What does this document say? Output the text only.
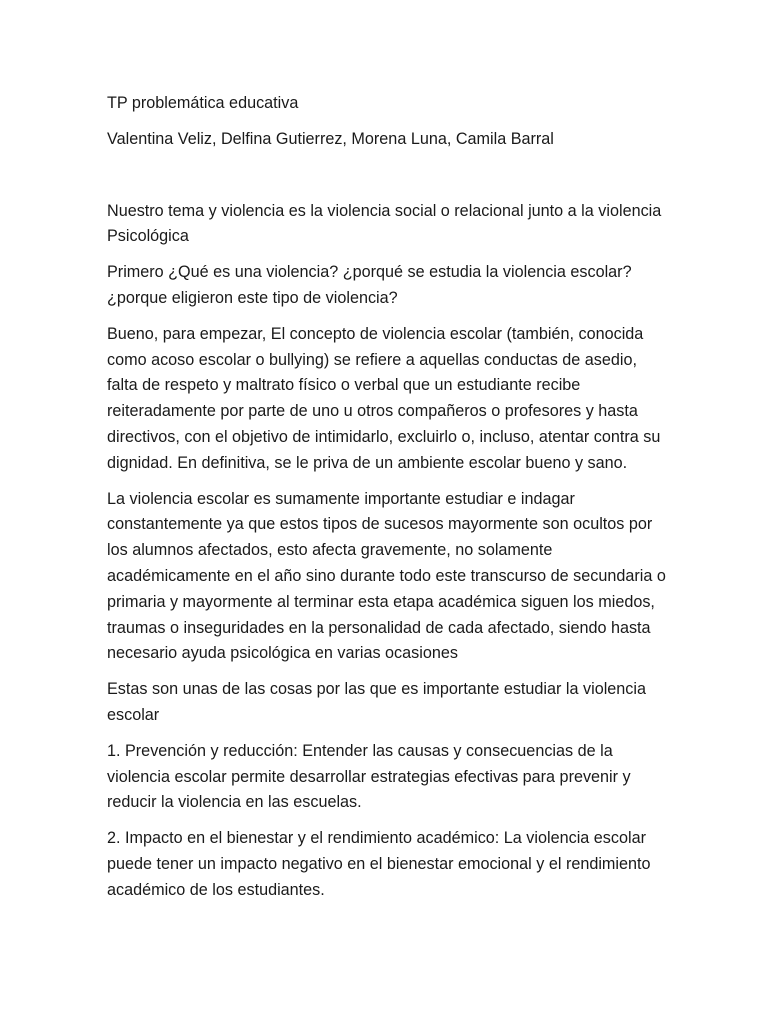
TP problemática educativa

Valentina Veliz, Delfina Gutierrez, Morena Luna, Camila Barral

Nuestro tema y violencia es la violencia social o relacional junto a la violencia Psicológica

Primero ¿Qué es una violencia? ¿porqué se estudia la violencia escolar? ¿porque eligieron este tipo de violencia?

Bueno, para empezar, El concepto de violencia escolar (también, conocida como acoso escolar o bullying) se refiere a aquellas conductas de asedio, falta de respeto y maltrato físico o verbal que un estudiante recibe reiteradamente por parte de uno u otros compañeros o profesores y hasta directivos, con el objetivo de intimidarlo, excluirlo o, incluso, atentar contra su dignidad. En definitiva, se le priva de un ambiente escolar bueno y sano.

La violencia escolar es sumamente importante estudiar e indagar constantemente ya que estos tipos de sucesos mayormente son ocultos por los alumnos afectados, esto afecta gravemente, no solamente académicamente en el año sino durante todo este transcurso de secundaria o primaria y mayormente al terminar esta etapa académica siguen los miedos, traumas o inseguridades en la personalidad de cada afectado, siendo hasta necesario ayuda psicológica en varias ocasiones

Estas son unas de las cosas por las que es importante estudiar la violencia escolar

1. Prevención y reducción: Entender las causas y consecuencias de la violencia escolar permite desarrollar estrategias efectivas para prevenir y reducir la violencia en las escuelas.

2. Impacto en el bienestar y el rendimiento académico: La violencia escolar puede tener un impacto negativo en el bienestar emocional y el rendimiento académico de los estudiantes.
